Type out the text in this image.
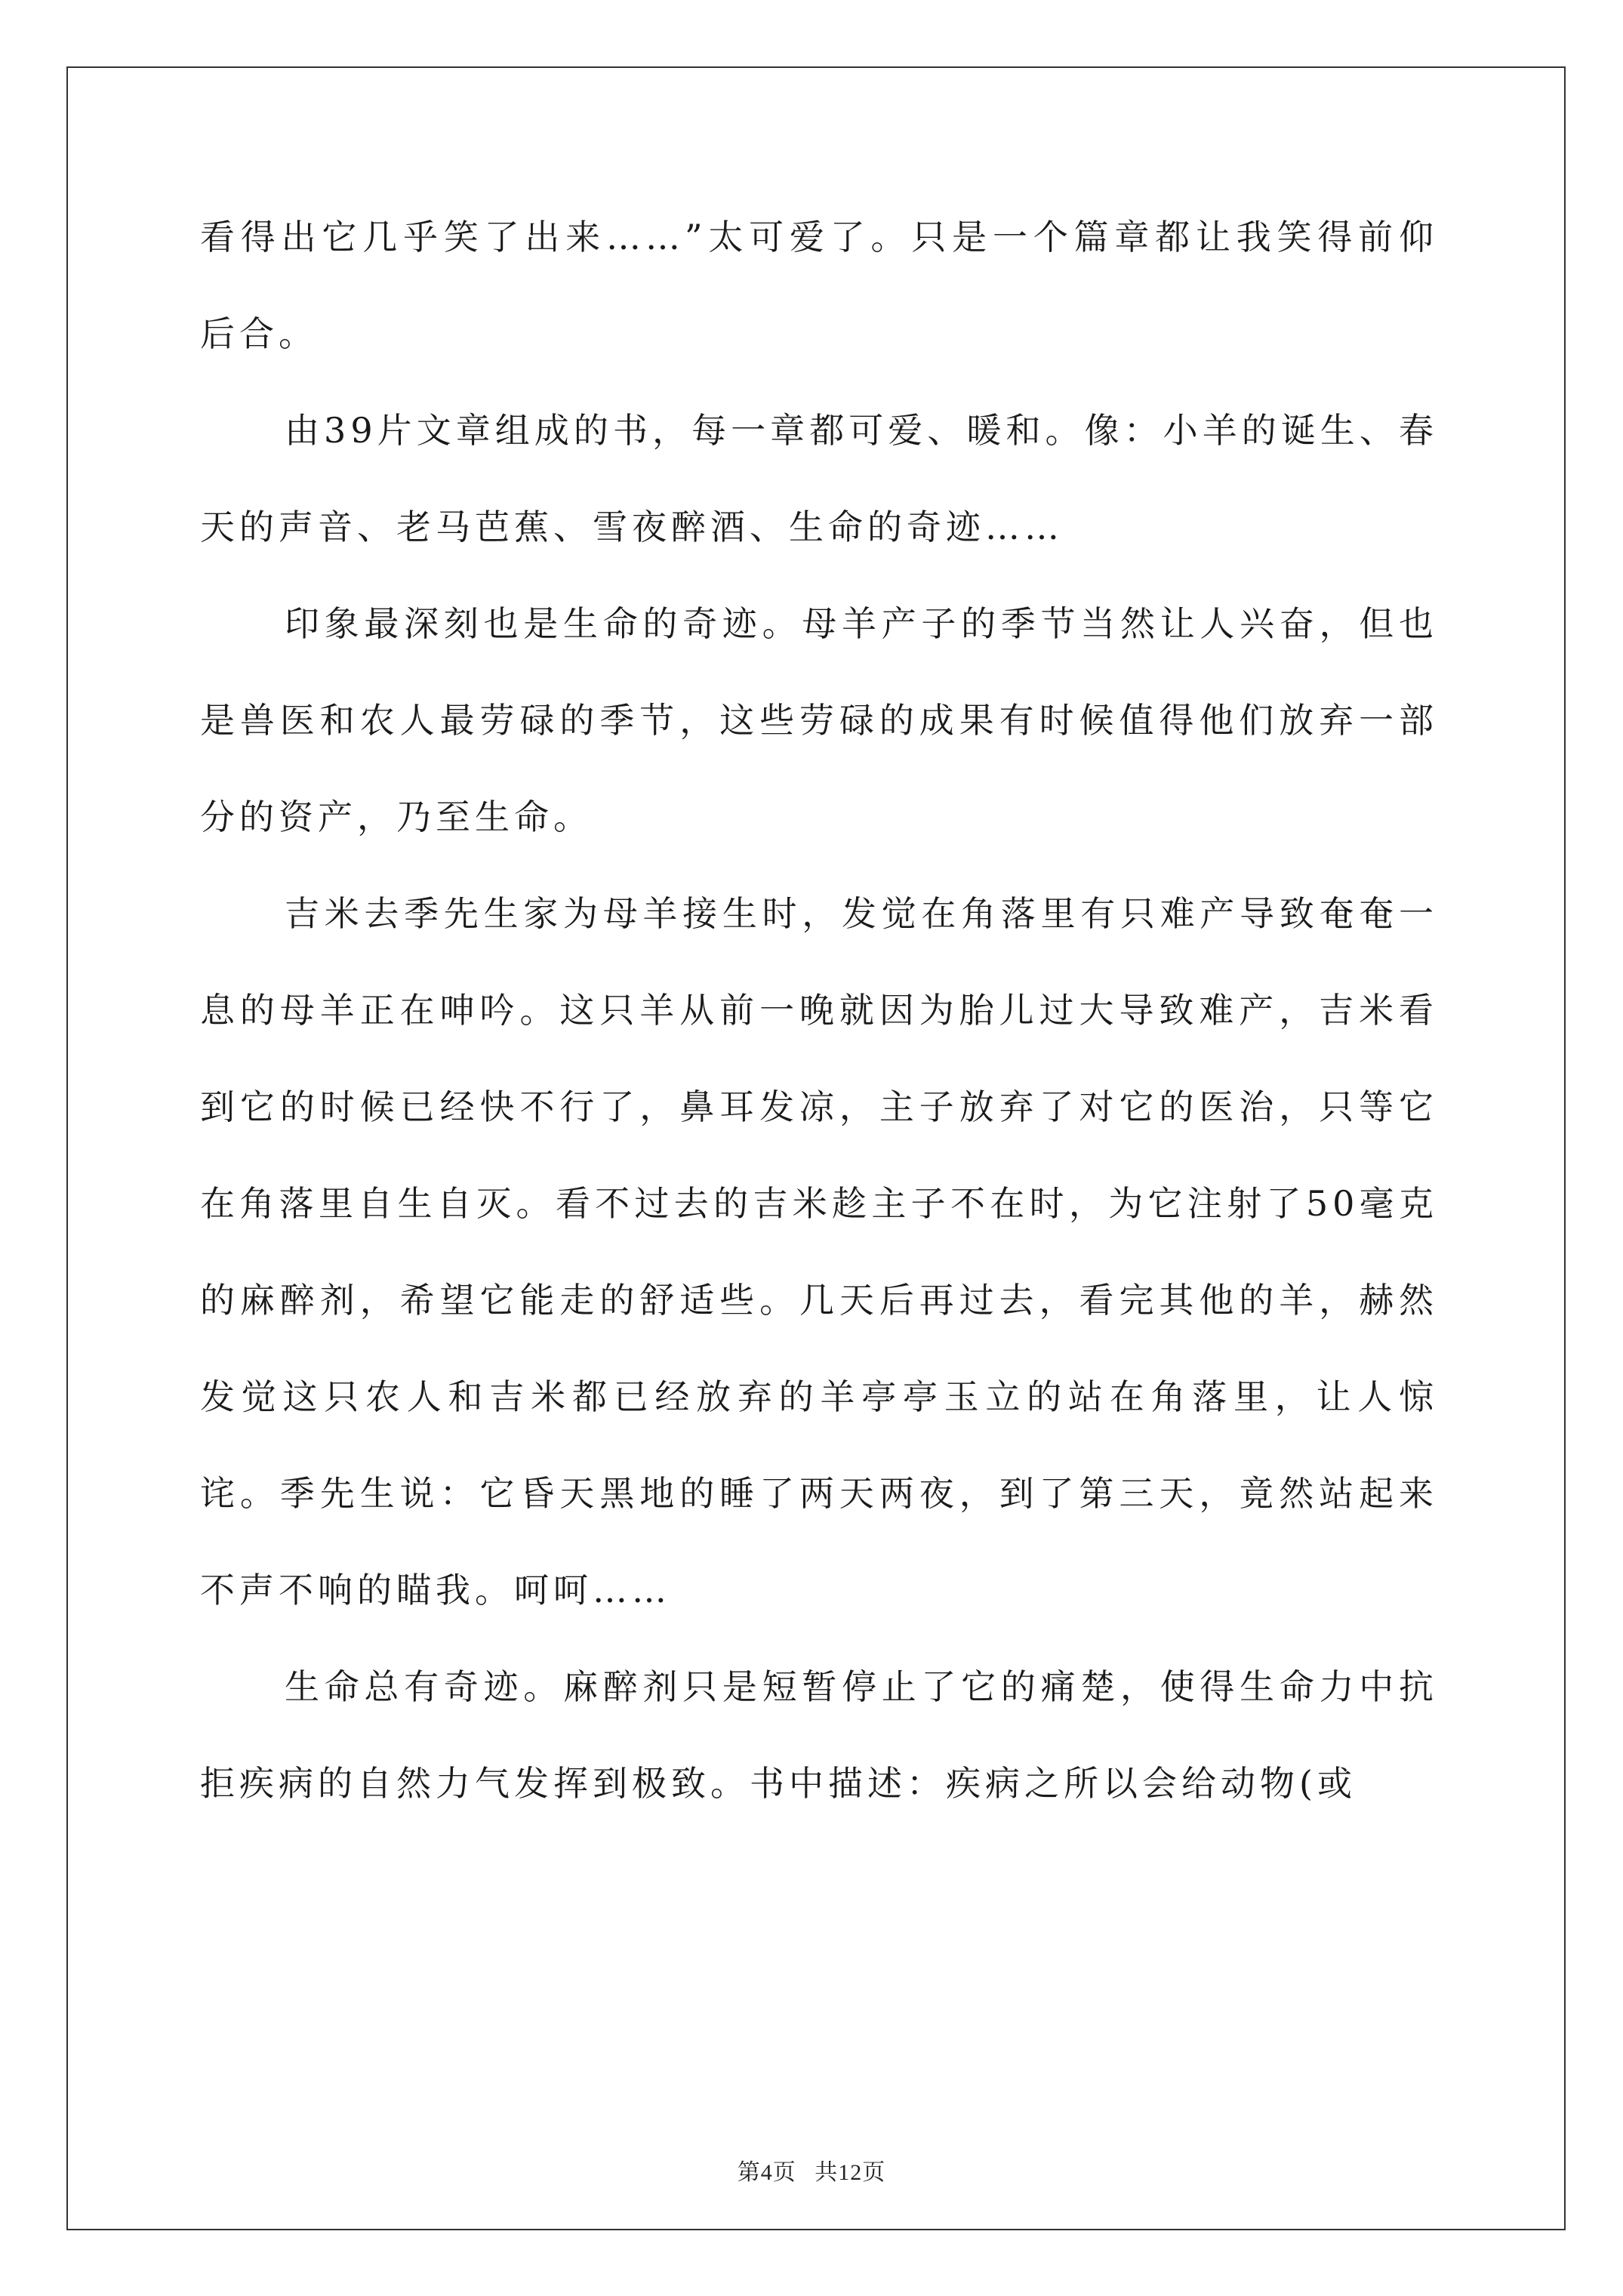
看得出它几乎笑了出来……”太可爱了。只是一个篇章都让我笑得前仰后合。

由39片文章组成的书，每一章都可爱、暖和。像：小羊的诞生、春天的声音、老马芭蕉、雪夜醉酒、生命的奇迹……

印象最深刻也是生命的奇迹。母羊产子的季节当然让人兴奋，但也是兽医和农人最劳碌的季节，这些劳碌的成果有时候值得他们放弃一部分的资产，乃至生命。

吉米去季先生家为母羊接生时，发觉在角落里有只难产导致奄奄一息的母羊正在呻吟。这只羊从前一晚就因为胎儿过大导致难产，吉米看到它的时候已经快不行了，鼻耳发凉，主子放弃了对它的医治，只等它在角落里自生自灭。看不过去的吉米趁主子不在时，为它注射了50毫克的麻醉剂，希望它能走的舒适些。几天后再过去，看完其他的羊，赫然发觉这只农人和吉米都已经放弃的羊亭亭玉立的站在角落里，让人惊诧。季先生说：它昏天黑地的睡了两天两夜，到了第三天，竟然站起来不声不响的瞄我。呵呵……

生命总有奇迹。麻醉剂只是短暂停止了它的痛楚，使得生命力中抗拒疾病的自然力气发挥到极致。书中描述：疾病之所以会给动物(或

第4页 共12页
